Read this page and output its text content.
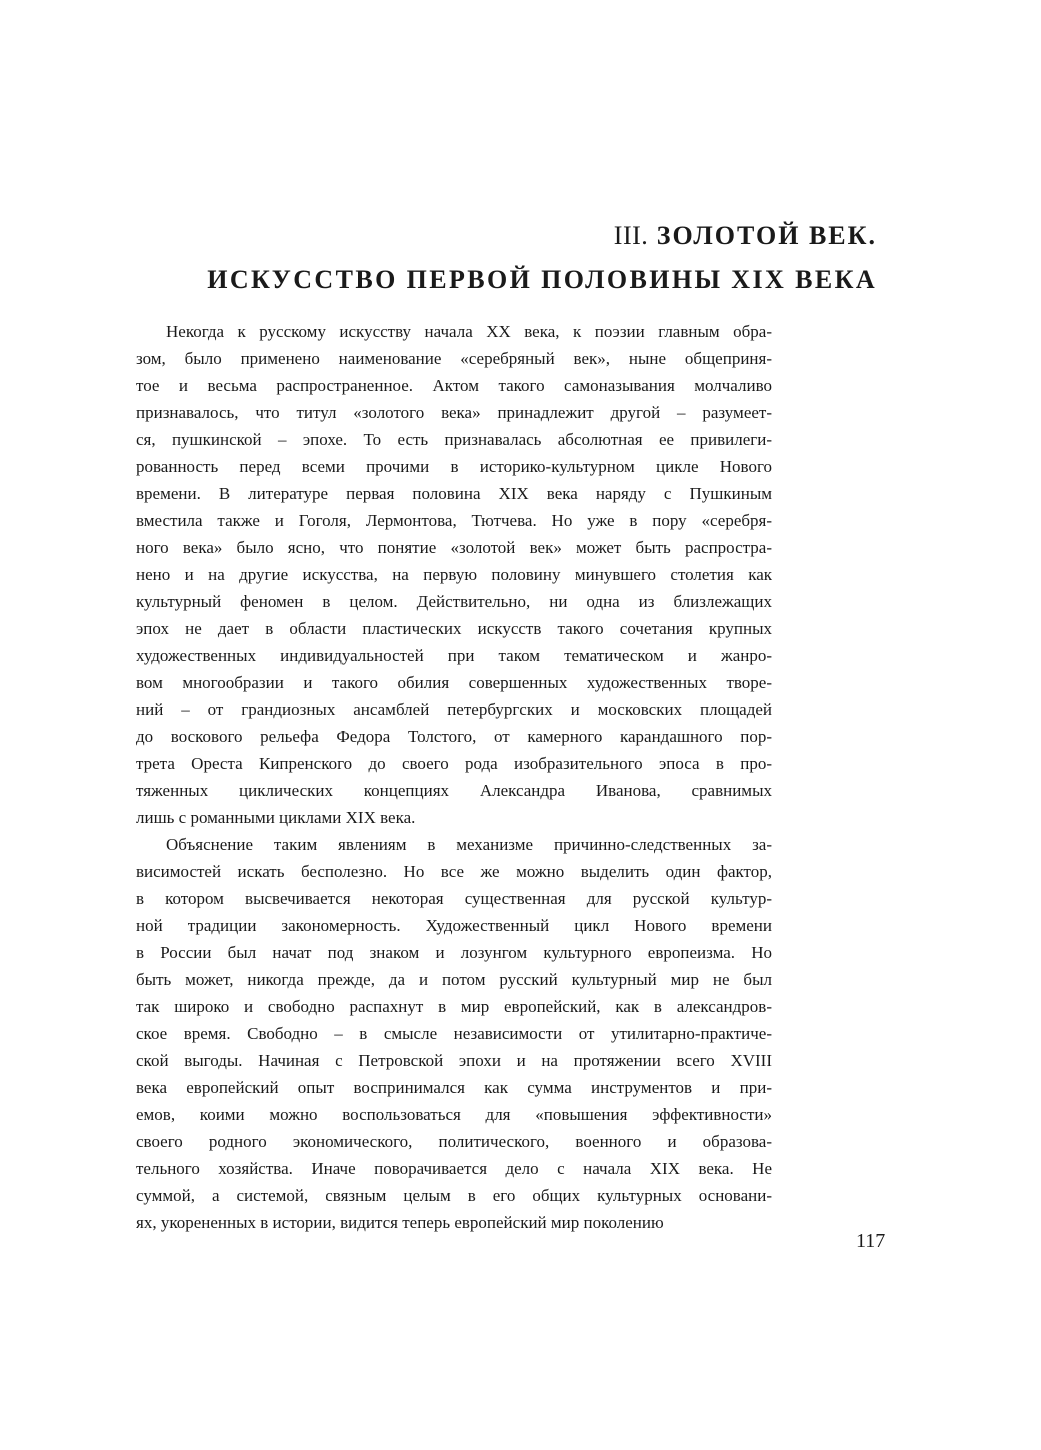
III. ЗОЛОТОЙ ВЕК.
ИСКУССТВО ПЕРВОЙ ПОЛОВИНЫ XIX ВЕКА
Некогда к русскому искусству начала XX века, к поэзии главным обра-
зом, было применено наименование «серебряный век», ныне общеприня-
тое и весьма распространенное. Актом такого самоназывания молчаливо
признавалось, что титул «золотого века» принадлежит другой – разумеет-
ся, пушкинской – эпохе. То есть признавалась абсолютная ее привилеги-
рованность перед всеми прочими в историко-культурном цикле Нового
времени. В литературе первая половина XIX века наряду с Пушкиным
вместила также и Гоголя, Лермонтова, Тютчева. Но уже в пору «серебря-
ного века» было ясно, что понятие «золотой век» может быть распростра-
нено и на другие искусства, на первую половину минувшего столетия как
культурный феномен в целом. Действительно, ни одна из близлежащих
эпох не дает в области пластических искусств такого сочетания крупных
художественных индивидуальностей при таком тематическом и жанро-
вом многообразии и такого обилия совершенных художественных творе-
ний – от грандиозных ансамблей петербургских и московских площадей
до воскового рельефа Федора Толстого, от камерного карандашного пор-
трета Ореста Кипренского до своего рода изобразительного эпоса в про-
тяженных циклических концепциях Александра Иванова, сравнимых
лишь с романными циклами XIX века.
Объяснение таким явлениям в механизме причинно-следственных за-
висимостей искать бесполезно. Но все же можно выделить один фактор,
в котором высвечивается некоторая существенная для русской культур-
ной традиции закономерность. Художественный цикл Нового времени
в России был начат под знаком и лозунгом культурного европеизма. Но
быть может, никогда прежде, да и потом русский культурный мир не был
так широко и свободно распахнут в мир европейский, как в александров-
ское время. Свободно – в смысле независимости от утилитарно-практиче-
ской выгоды. Начиная с Петровской эпохи и на протяжении всего XVIII
века европейский опыт воспринимался как сумма инструментов и при-
емов, коими можно воспользоваться для «повышения эффективности»
своего родного экономического, политического, военного и образова-
тельного хозяйства. Иначе поворачивается дело с начала XIX века. Не
суммой, а системой, связным целым в его общих культурных основани-
ях, укорененных в истории, видится теперь европейский мир поколению
117
